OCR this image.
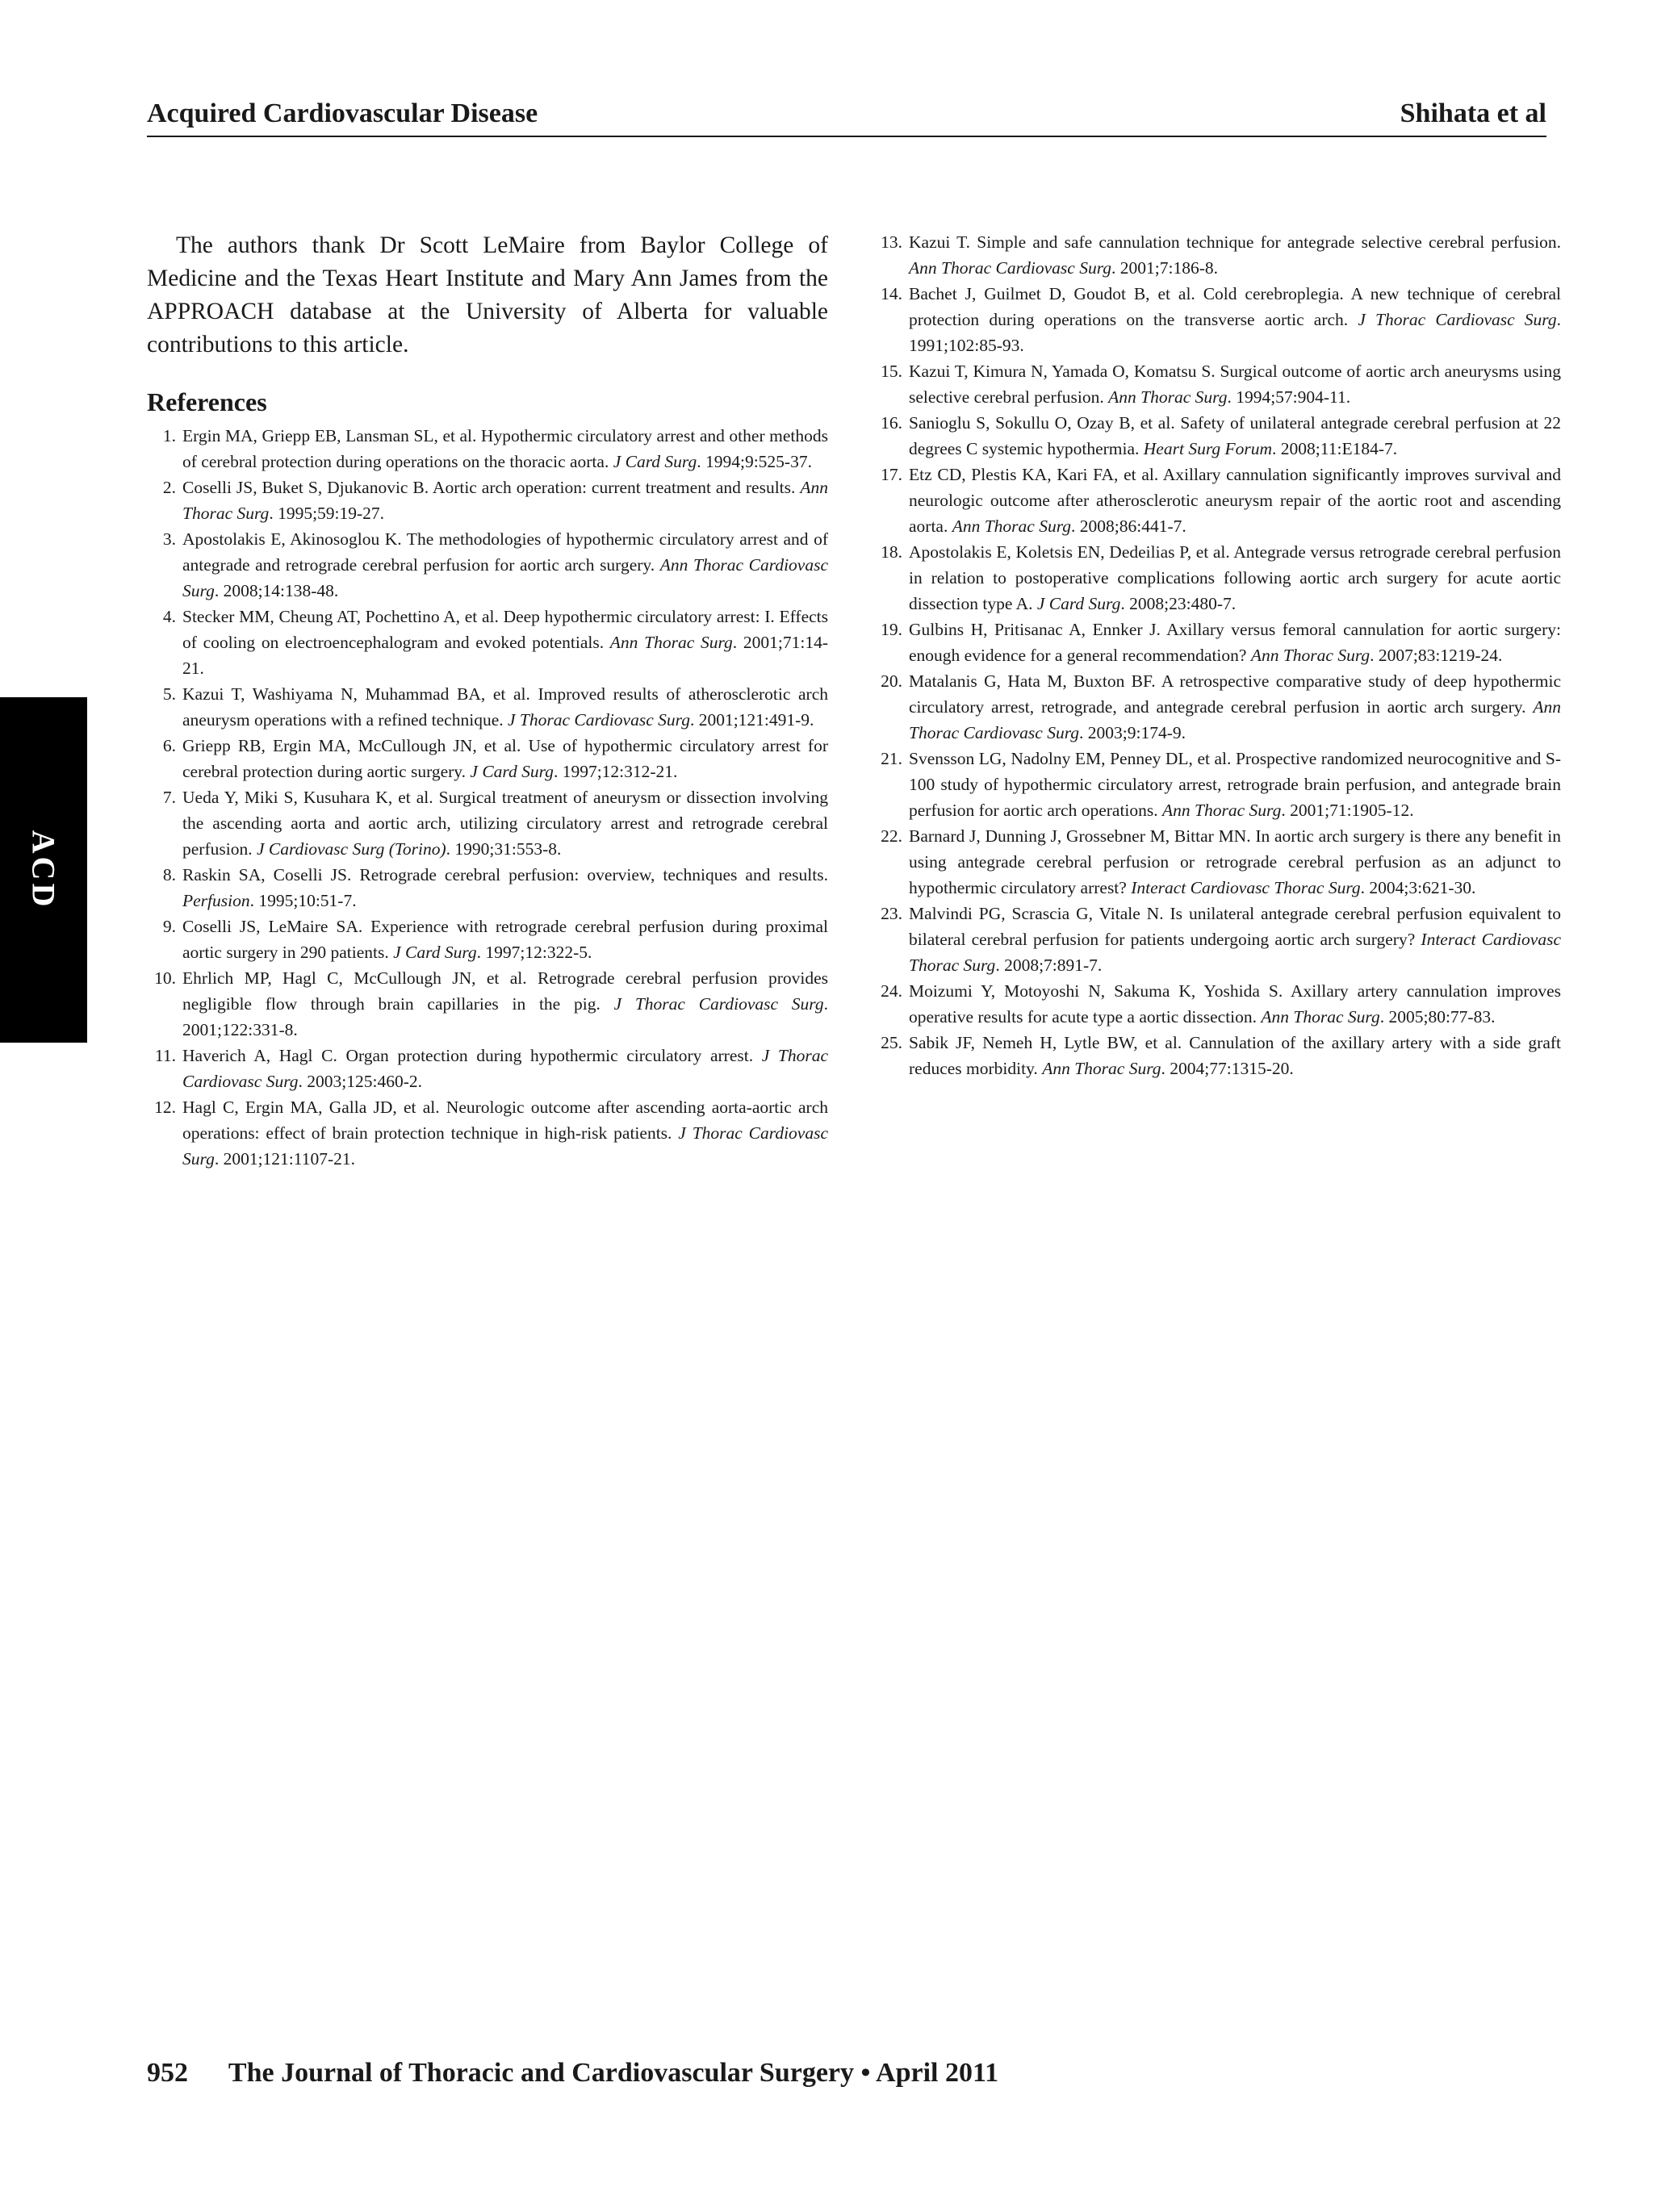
Acquired Cardiovascular Disease	Shihata et al
ACD

The authors thank Dr Scott LeMaire from Baylor College of Medicine and the Texas Heart Institute and Mary Ann James from the APPROACH database at the University of Alberta for valuable contributions to this article.

References
1. Ergin MA, Griepp EB, Lansman SL, et al. Hypothermic circulatory arrest and other methods of cerebral protection during operations on the thoracic aorta. J Card Surg. 1994;9:525-37.
2. Coselli JS, Buket S, Djukanovic B. Aortic arch operation: current treatment and results. Ann Thorac Surg. 1995;59:19-27.
3. Apostolakis E, Akinosoglou K. The methodologies of hypothermic circulatory arrest and of antegrade and retrograde cerebral perfusion for aortic arch surgery. Ann Thorac Cardiovasc Surg. 2008;14:138-48.
4. Stecker MM, Cheung AT, Pochettino A, et al. Deep hypothermic circulatory arrest: I. Effects of cooling on electroencephalogram and evoked potentials. Ann Thorac Surg. 2001;71:14-21.
5. Kazui T, Washiyama N, Muhammad BA, et al. Improved results of atherosclerotic arch aneurysm operations with a refined technique. J Thorac Cardiovasc Surg. 2001;121:491-9.
6. Griepp RB, Ergin MA, McCullough JN, et al. Use of hypothermic circulatory arrest for cerebral protection during aortic surgery. J Card Surg. 1997;12:312-21.
7. Ueda Y, Miki S, Kusuhara K, et al. Surgical treatment of aneurysm or dissection involving the ascending aorta and aortic arch, utilizing circulatory arrest and retrograde cerebral perfusion. J Cardiovasc Surg (Torino). 1990;31:553-8.
8. Raskin SA, Coselli JS. Retrograde cerebral perfusion: overview, techniques and results. Perfusion. 1995;10:51-7.
9. Coselli JS, LeMaire SA. Experience with retrograde cerebral perfusion during proximal aortic surgery in 290 patients. J Card Surg. 1997;12:322-5.
10. Ehrlich MP, Hagl C, McCullough JN, et al. Retrograde cerebral perfusion provides negligible flow through brain capillaries in the pig. J Thorac Cardiovasc Surg. 2001;122:331-8.
11. Haverich A, Hagl C. Organ protection during hypothermic circulatory arrest. J Thorac Cardiovasc Surg. 2003;125:460-2.
12. Hagl C, Ergin MA, Galla JD, et al. Neurologic outcome after ascending aorta-aortic arch operations: effect of brain protection technique in high-risk patients. J Thorac Cardiovasc Surg. 2001;121:1107-21.
13. Kazui T. Simple and safe cannulation technique for antegrade selective cerebral perfusion. Ann Thorac Cardiovasc Surg. 2001;7:186-8.
14. Bachet J, Guilmet D, Goudot B, et al. Cold cerebroplegia. A new technique of cerebral protection during operations on the transverse aortic arch. J Thorac Cardiovasc Surg. 1991;102:85-93.
15. Kazui T, Kimura N, Yamada O, Komatsu S. Surgical outcome of aortic arch aneurysms using selective cerebral perfusion. Ann Thorac Surg. 1994;57:904-11.
16. Sanioglu S, Sokullu O, Ozay B, et al. Safety of unilateral antegrade cerebral perfusion at 22 degrees C systemic hypothermia. Heart Surg Forum. 2008;11:E184-7.
17. Etz CD, Plestis KA, Kari FA, et al. Axillary cannulation significantly improves survival and neurologic outcome after atherosclerotic aneurysm repair of the aortic root and ascending aorta. Ann Thorac Surg. 2008;86:441-7.
18. Apostolakis E, Koletsis EN, Dedeilias P, et al. Antegrade versus retrograde cerebral perfusion in relation to postoperative complications following aortic arch surgery for acute aortic dissection type A. J Card Surg. 2008;23:480-7.
19. Gulbins H, Pritisanac A, Ennker J. Axillary versus femoral cannulation for aortic surgery: enough evidence for a general recommendation? Ann Thorac Surg. 2007;83:1219-24.
20. Matalanis G, Hata M, Buxton BF. A retrospective comparative study of deep hypothermic circulatory arrest, retrograde, and antegrade cerebral perfusion in aortic arch surgery. Ann Thorac Cardiovasc Surg. 2003;9:174-9.
21. Svensson LG, Nadolny EM, Penney DL, et al. Prospective randomized neurocognitive and S-100 study of hypothermic circulatory arrest, retrograde brain perfusion, and antegrade brain perfusion for aortic arch operations. Ann Thorac Surg. 2001;71:1905-12.
22. Barnard J, Dunning J, Grossebner M, Bittar MN. In aortic arch surgery is there any benefit in using antegrade cerebral perfusion or retrograde cerebral perfusion as an adjunct to hypothermic circulatory arrest? Interact Cardiovasc Thorac Surg. 2004;3:621-30.
23. Malvindi PG, Scrascia G, Vitale N. Is unilateral antegrade cerebral perfusion equivalent to bilateral cerebral perfusion for patients undergoing aortic arch surgery? Interact Cardiovasc Thorac Surg. 2008;7:891-7.
24. Moizumi Y, Motoyoshi N, Sakuma K, Yoshida S. Axillary artery cannulation improves operative results for acute type a aortic dissection. Ann Thorac Surg. 2005;80:77-83.
25. Sabik JF, Nemeh H, Lytle BW, et al. Cannulation of the axillary artery with a side graft reduces morbidity. Ann Thorac Surg. 2004;77:1315-20.
952 The Journal of Thoracic and Cardiovascular Surgery • April 2011
